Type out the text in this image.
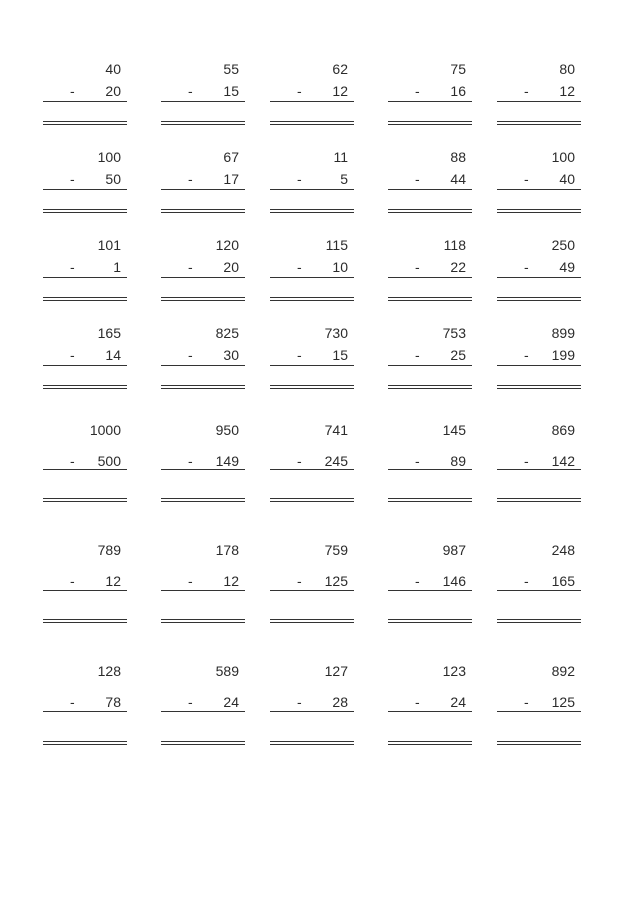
40
- 20
55
- 15
62
- 12
75
- 16
80
- 12
100
- 50
67
- 17
11
-	5
88
- 44
100
- 40
101
-	1
120
- 20
115
- 10
118
- 22
250
- 49
165
- 14
825
- 30
730
- 15
753
- 25
899
- 199
1000
- 500
950
- 149
741
- 245
145
- 89
869
- 142
789
- 12
178
- 12
759
- 125
987
- 146
248
- 165
128
- 78
589
- 24
127
- 28
123
- 24
892
- 125
